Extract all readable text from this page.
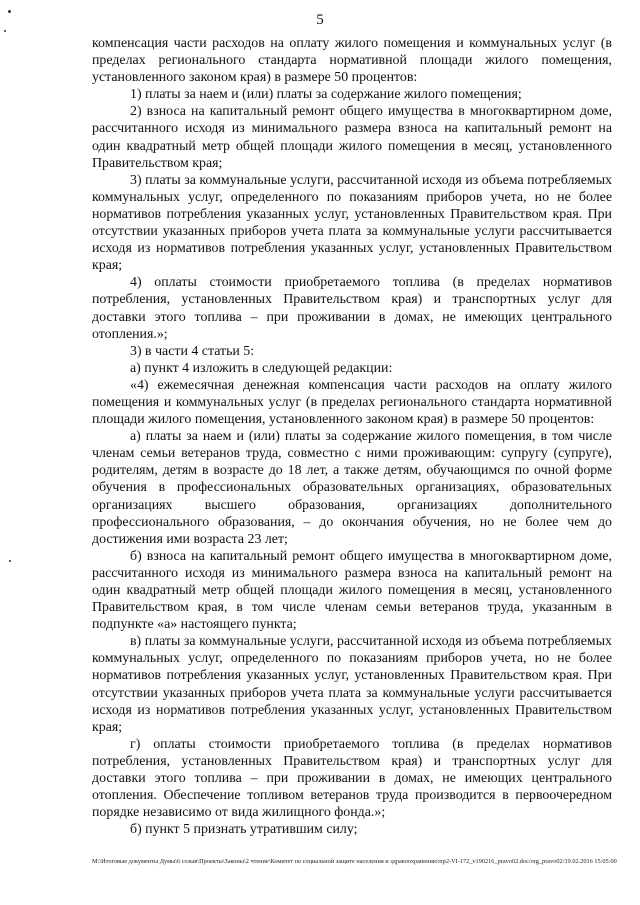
5

компенсация части расходов на оплату жилого помещения и коммунальных услуг (в пределах регионального стандарта нормативной площади жилого помещения, установленного законом края) в размере 50 процентов:

1) платы за наем и (или) платы за содержание жилого помещения;

2) взноса на капитальный ремонт общего имущества в многоквартирном доме, рассчитанного исходя из минимального размера взноса на капитальный ремонт на один квадратный метр общей площади жилого помещения в месяц, установленного Правительством края;

3) платы за коммунальные услуги, рассчитанной исходя из объема потребляемых коммунальных услуг, определенного по показаниям приборов учета, но не более нормативов потребления указанных услуг, установленных Правительством края. При отсутствии указанных приборов учета плата за коммунальные услуги рассчитывается исходя из нормативов потребления указанных услуг, установленных Правительством края;

4) оплаты стоимости приобретаемого топлива (в пределах нормативов потребления, установленных Правительством края) и транспортных услуг для доставки этого топлива – при проживании в домах, не имеющих центрального отопления.»;

3) в части 4 статьи 5:

а) пункт 4 изложить в следующей редакции:

«4) ежемесячная денежная компенсация части расходов на оплату жилого помещения и коммунальных услуг (в пределах регионального стандарта нормативной площади жилого помещения, установленного законом края) в размере 50 процентов:

а) платы за наем и (или) платы за содержание жилого помещения, в том числе членам семьи ветеранов труда, совместно с ними проживающим: супругу (супруге), родителям, детям в возрасте до 18 лет, а также детям, обучающимся по очной форме обучения в профессиональных образовательных организациях, образовательных организациях высшего образования, организациях дополнительного профессионального образования, – до окончания обучения, но не более чем до достижения ими возраста 23 лет;

б) взноса на капитальный ремонт общего имущества в многоквартирном доме, рассчитанного исходя из минимального размера взноса на капитальный ремонт на один квадратный метр общей площади жилого помещения в месяц, установленного Правительством края, в том числе членам семьи ветеранов труда, указанным в подпункте «а» настоящего пункта;

в) платы за коммунальные услуги, рассчитанной исходя из объема потребляемых коммунальных услуг, определенного по показаниям приборов учета, но не более нормативов потребления указанных услуг, установленных Правительством края. При отсутствии указанных приборов учета плата за коммунальные услуги рассчитывается исходя из нормативов потребления указанных услуг, установленных Правительством края;

г) оплаты стоимости приобретаемого топлива (в пределах нормативов потребления, установленных Правительством края) и транспортных услуг для доставки этого топлива – при проживании в домах, не имеющих центрального отопления. Обеспечение топливом ветеранов труда производится в первоочередном порядке независимо от вида жилищного фонда.»;

б) пункт 5 признать утратившим силу;

М:\Итоговые документы Думы\6 созыв\Проекты\Законы\2 чтение\Комитет по социальной защите населения и здравоохранению\пр2-VI-172_v190216_pravo02.doc/org_pravo02/19.02.2016 15:05:00
